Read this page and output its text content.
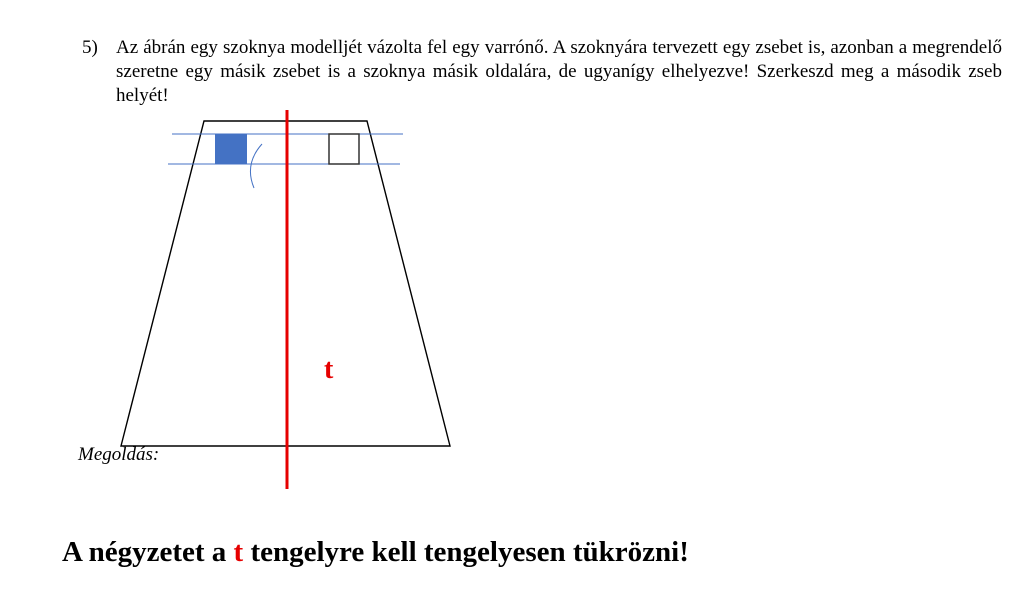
5) Az ábrán egy szoknya modelljét vázolta fel egy varrónő. A szoknyára tervezett egy zsebet is, azonban a megrendelő szeretne egy másik zsebet is a szoknya másik oldalára, de ugyanígy elhelyezve! Szerkeszd meg a második zseb helyét!
t
Megoldás:
A négyzetet a t tengelyre kell tengelyesen tükrözni!
